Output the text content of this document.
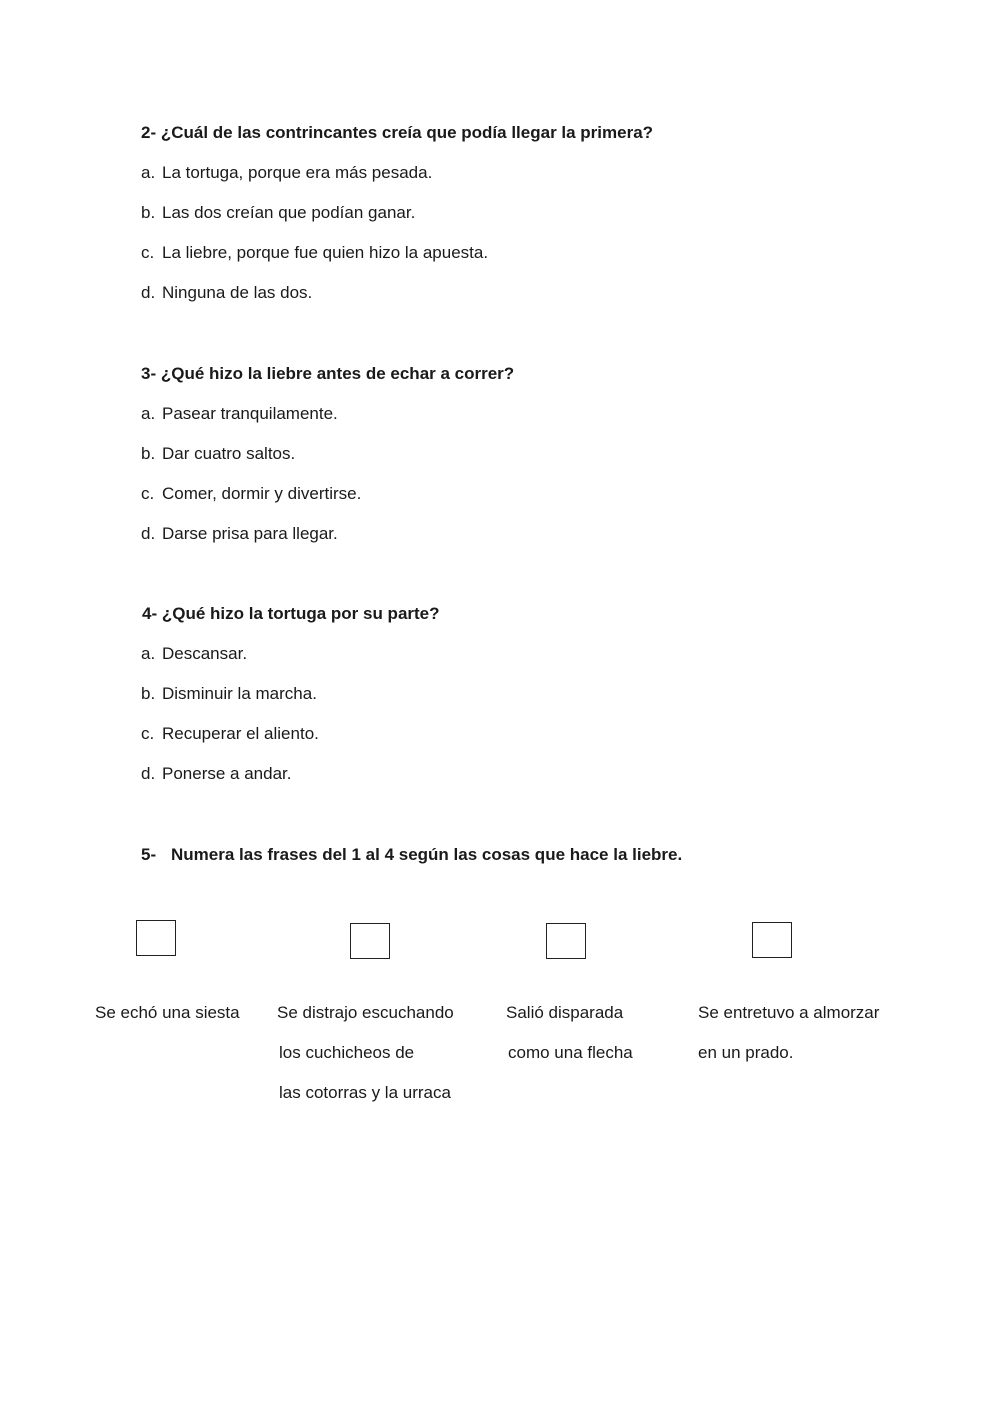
2- ¿Cuál de las contrincantes creía que podía llegar la primera?
a. La tortuga, porque era más pesada.
b. Las dos creían que podían ganar.
c. La liebre, porque fue quien hizo la apuesta.
d. Ninguna de las dos.
3- ¿Qué hizo la liebre antes de echar a correr?
a. Pasear tranquilamente.
b. Dar cuatro saltos.
c. Comer, dormir y divertirse.
d. Darse prisa para llegar.
4- ¿Qué hizo la tortuga por su parte?
a. Descansar.
b. Disminuir la marcha.
c. Recuperar el aliento.
d. Ponerse a andar.
5- Numera las frases del 1 al 4 según las cosas que hace la liebre.
Se echó una siesta Se distrajo escuchando
los cuchicheos de
las cotorras y la urraca
Salió disparada
como una flecha
Se entretuvo a almorzar
en un prado.
